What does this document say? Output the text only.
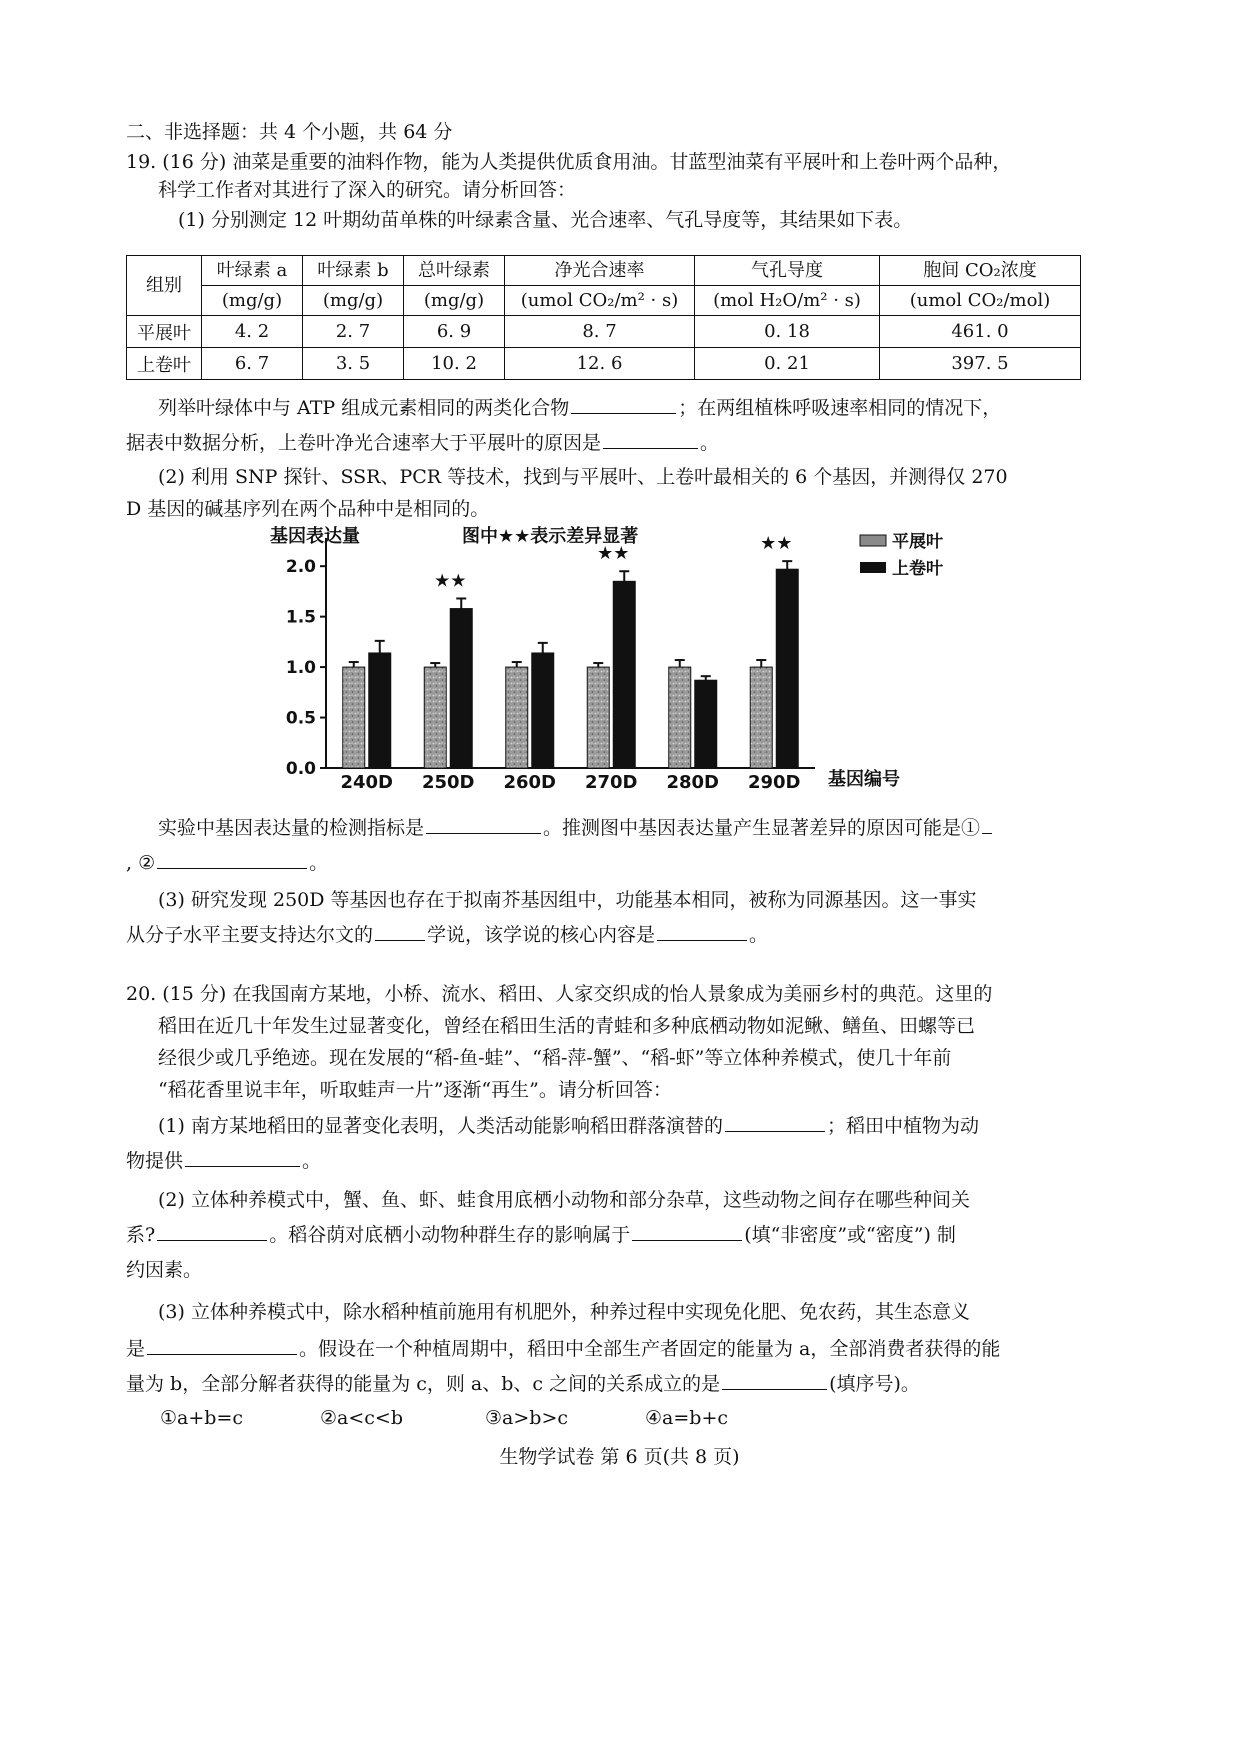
二、非选择题：共 4 个小题，共 64 分
19. (16 分) 油菜是重要的油料作物，能为人类提供优质食用油。甘蓝型油菜有平展叶和上卷叶两个品种，
科学工作者对其进行了深入的研究。请分析回答：
(1) 分别测定 12 叶期幼苗单株的叶绿素含量、光合速率、气孔导度等，其结果如下表。
组别	叶绿素 a	叶绿素 b	总叶绿素	净光合速率	气孔导度	胞间 CO₂浓度
	(mg/g)	(mg/g)	(mg/g)	(umol CO₂/m² · s)	(mol H₂O/m² · s)	(umol CO₂/mol)
平展叶	4. 2	2. 7	6. 9	8. 7	0. 18	461. 0
上卷叶	6. 7	3. 5	10. 2	12. 6	0. 21	397. 5
列举叶绿体中与 ATP 组成元素相同的两类化合物	；在两组植株呼吸速率相同的情况下，
据表中数据分析，上卷叶净光合速率大于平展叶的原因是	。
(2) 利用 SNP 探针、SSR、PCR 等技术，找到与平展叶、上卷叶最相关的 6 个基因，并测得仅 270
D 基因的碱基序列在两个品种中是相同的。
基因表达量	图中★★表示差异显著	平展叶
上卷叶
0.0
0.5
1.0
1.5
2.0
240D
★★
250D 260D
★★
270D 280D
★★
290D 基因编号
实验中基因表达量的检测指标是	。推测图中基因表达量产生显著差异的原因可能是①
, ②	。
(3) 研究发现 250D 等基因也存在于拟南芥基因组中，功能基本相同，被称为同源基因。这一事实
从分子水平主要支持达尔文的	学说，该学说的核心内容是	。
20. (15 分) 在我国南方某地，小桥、流水、稻田、人家交织成的怡人景象成为美丽乡村的典范。这里的
稻田在近几十年发生过显著变化，曾经在稻田生活的青蛙和多种底栖动物如泥鳅、鳝鱼、田螺等已
经很少或几乎绝迹。现在发展的“稻-鱼-蛙”、“稻-萍-蟹”、“稻-虾”等立体种养模式，使几十年前
“稻花香里说丰年，听取蛙声一片”逐渐“再生”。请分析回答：
(1) 南方某地稻田的显著变化表明，人类活动能影响稻田群落演替的	；稻田中植物为动
物提供	。
(2) 立体种养模式中，蟹、鱼、虾、蛙食用底栖小动物和部分杂草，这些动物之间存在哪些种间关
系?	。稻谷荫对底栖小动物种群生存的影响属于	(填“非密度”或“密度”) 制
约因素。
(3) 立体种养模式中，除水稻种植前施用有机肥外，种养过程中实现免化肥、免农药，其生态意义
是	。假设在一个种植周期中，稻田中全部生产者固定的能量为 a，全部消费者获得的能
量为 b，全部分解者获得的能量为 c，则 a、b、c 之间的关系成立的是	(填序号)。
①a+b=c	②a<c<b	③a>b>c	④a=b+c
生物学试卷 第 6 页(共 8 页)
